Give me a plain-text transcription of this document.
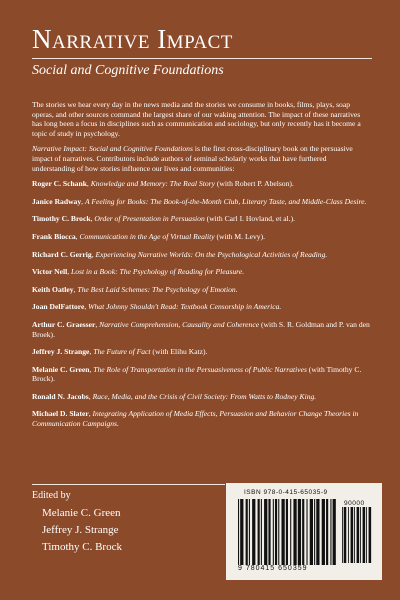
Narrative Impact
Social and Cognitive Foundations

The stories we hear every day in the news media and the stories we consume in books, films, plays, soap operas, and other sources command the largest share of our waking attention. The impact of these narratives has long been a focus in disciplines such as communication and sociology, but only recently has it become a topic of study in psychology.

Narrative Impact: Social and Cognitive Foundations is the first cross-disciplinary book on the persuasive impact of narratives. Contributors include authors of seminal scholarly works that have furthered understanding of how stories influence our lives and communities:

Roger C. Schank, Knowledge and Memory: The Real Story (with Robert P. Abelson).
Janice Radway, A Feeling for Books: The Book-of-the-Month Club, Literary Taste, and Middle-Class Desire.
Timothy C. Brock, Order of Presentation in Persuasion (with Carl I. Hovland, et al.).
Frank Biocca, Communication in the Age of Virtual Reality (with M. Levy).
Richard C. Gerrig, Experiencing Narrative Worlds: On the Psychological Activities of Reading.
Victor Nell, Lost in a Book: The Psychology of Reading for Pleasure.
Keith Oatley, The Best Laid Schemes: The Psychology of Emotion.
Joan DelFattore, What Johnny Shouldn't Read: Textbook Censorship in America.
Arthur C. Graesser, Narrative Comprehension, Causality and Coherence (with S. R. Goldman and P. van den Broek).
Jeffrey J. Strange, The Future of Fact (with Elihu Katz).
Melanie C. Green, The Role of Transportation in the Persuasiveness of Public Narratives (with Timothy C. Brock).
Ronald N. Jacobs, Race, Media, and the Crisis of Civil Society: From Watts to Rodney King.
Michael D. Slater, Integrating Application of Media Effects, Persuasion and Behavior Change Theories in Communication Campaigns.
Edited by
Melanie C. Green
Jeffrey J. Strange
Timothy C. Brock
ISBN 978-0-415-65035-9
90000
9 780415 650359
